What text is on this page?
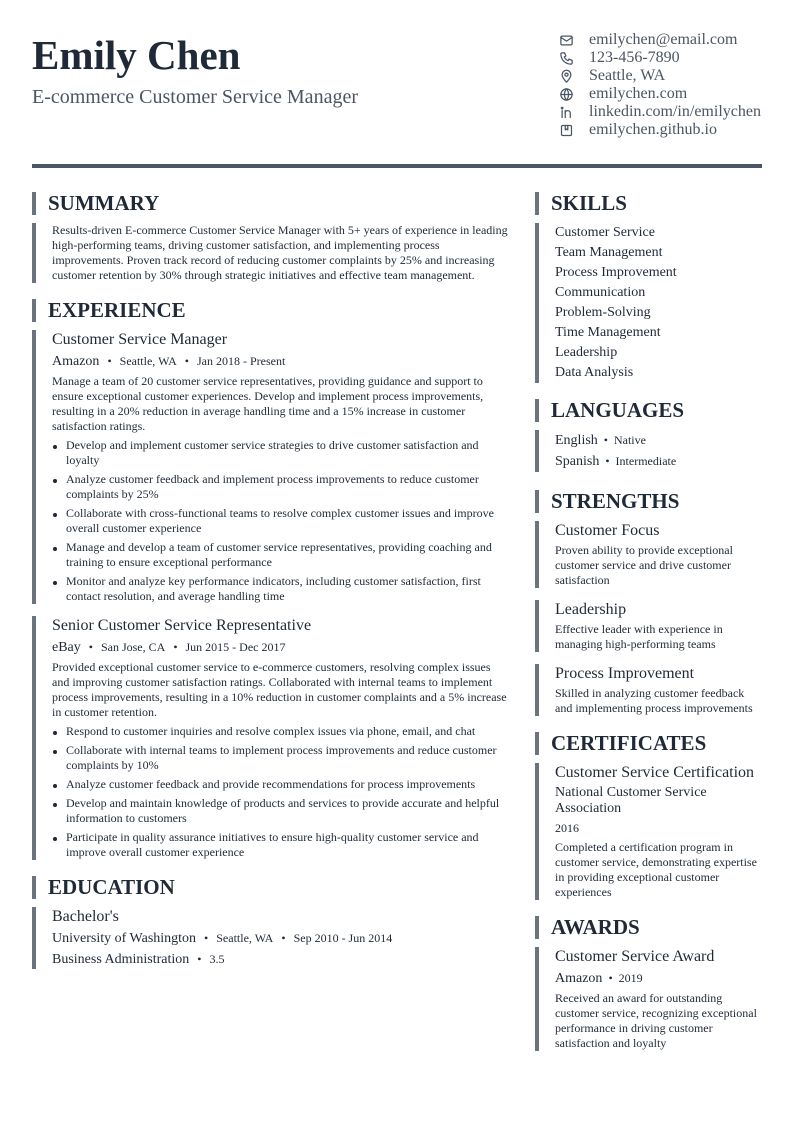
Emily Chen
E-commerce Customer Service Manager
emilychen@email.com
123-456-7890
Seattle, WA
emilychen.com
linkedin.com/in/emilychen
emilychen.github.io
SUMMARY
Results-driven E-commerce Customer Service Manager with 5+ years of experience in leading high-performing teams, driving customer satisfaction, and implementing process improvements. Proven track record of reducing customer complaints by 25% and increasing customer retention by 30% through strategic initiatives and effective team management.
EXPERIENCE
Customer Service Manager
Amazon • Seattle, WA • Jan 2018 - Present
Manage a team of 20 customer service representatives, providing guidance and support to ensure exceptional customer experiences. Develop and implement process improvements, resulting in a 20% reduction in average handling time and a 15% increase in customer satisfaction ratings.
Develop and implement customer service strategies to drive customer satisfaction and loyalty
Analyze customer feedback and implement process improvements to reduce customer complaints by 25%
Collaborate with cross-functional teams to resolve complex customer issues and improve overall customer experience
Manage and develop a team of customer service representatives, providing coaching and training to ensure exceptional performance
Monitor and analyze key performance indicators, including customer satisfaction, first contact resolution, and average handling time
Senior Customer Service Representative
eBay • San Jose, CA • Jun 2015 - Dec 2017
Provided exceptional customer service to e-commerce customers, resolving complex issues and improving customer satisfaction ratings. Collaborated with internal teams to implement process improvements, resulting in a 10% reduction in customer complaints and a 5% increase in customer retention.
Respond to customer inquiries and resolve complex issues via phone, email, and chat
Collaborate with internal teams to implement process improvements and reduce customer complaints by 10%
Analyze customer feedback and provide recommendations for process improvements
Develop and maintain knowledge of products and services to provide accurate and helpful information to customers
Participate in quality assurance initiatives to ensure high-quality customer service and improve overall customer experience
EDUCATION
Bachelor's
University of Washington • Seattle, WA • Sep 2010 - Jun 2014
Business Administration • 3.5
SKILLS
Customer Service
Team Management
Process Improvement
Communication
Problem-Solving
Time Management
Leadership
Data Analysis
LANGUAGES
English • Native
Spanish • Intermediate
STRENGTHS
Customer Focus
Proven ability to provide exceptional customer service and drive customer satisfaction
Leadership
Effective leader with experience in managing high-performing teams
Process Improvement
Skilled in analyzing customer feedback and implementing process improvements
CERTIFICATES
Customer Service Certification
National Customer Service Association
2016
Completed a certification program in customer service, demonstrating expertise in providing exceptional customer experiences
AWARDS
Customer Service Award
Amazon • 2019
Received an award for outstanding customer service, recognizing exceptional performance in driving customer satisfaction and loyalty
